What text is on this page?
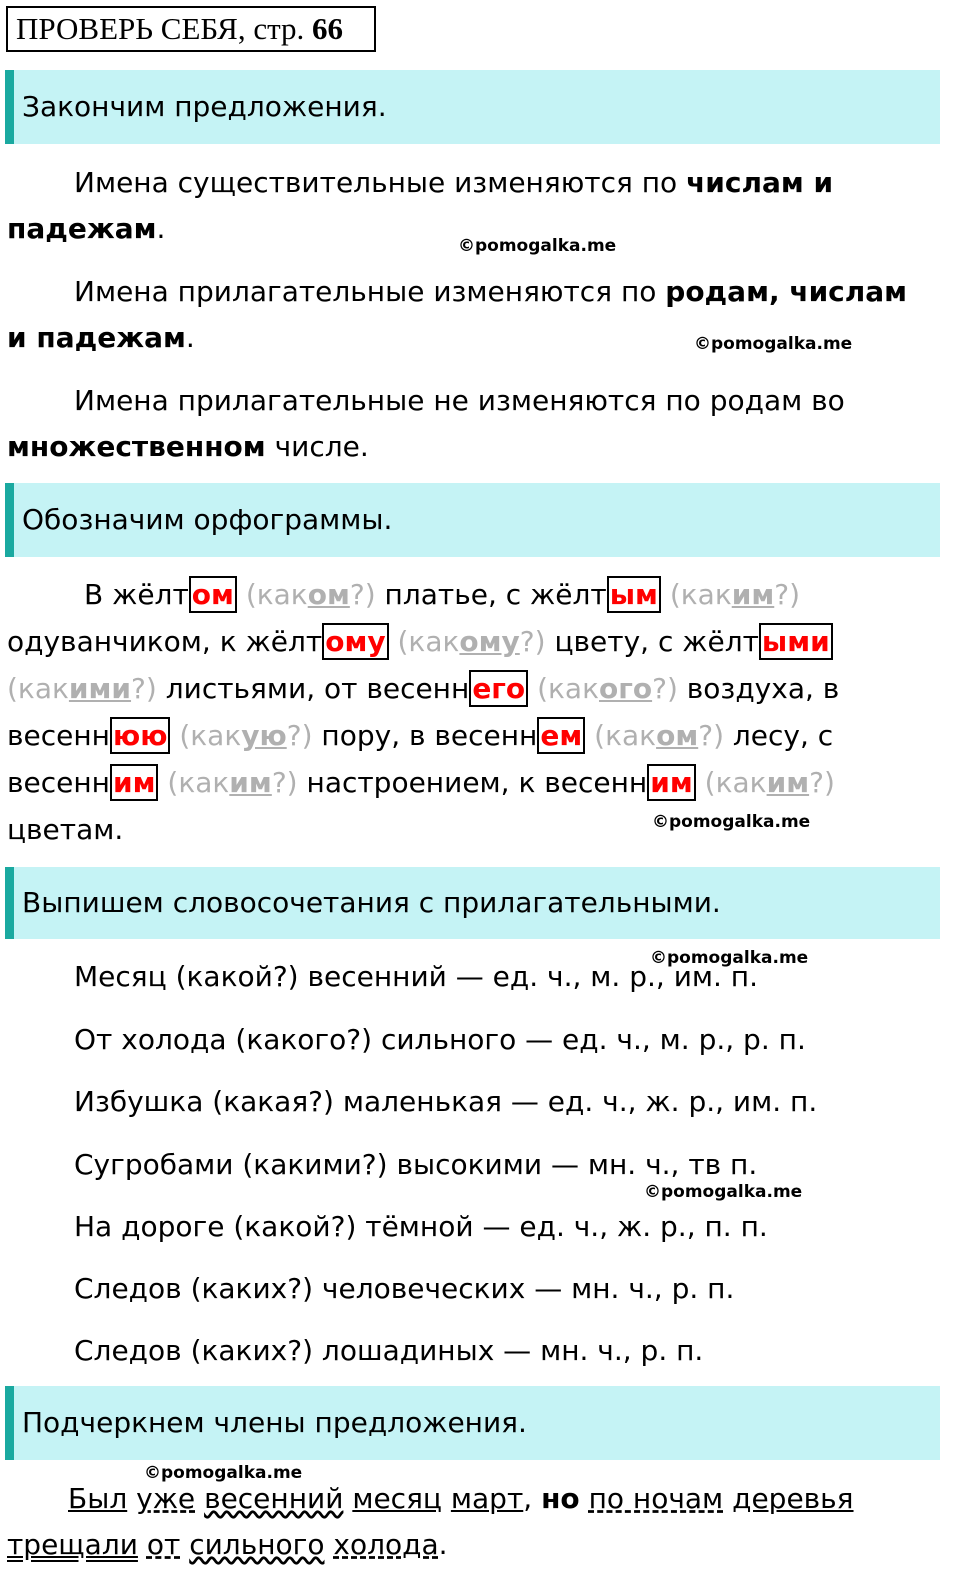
ПРОВЕРЬ СЕБЯ, стр. 66
Закончим предложения.
Имена существительные изменяются по числам и
падежам.
©pomogalka.me
Имена прилагательные изменяются по родам, числам
и падежам.	©pomogalka.me
Имена прилагательные не изменяются по родам во
множественном числе.
Обозначим орфограммы.
В жёлт ом (каком?) платье, с жёлт ым (каким?)
одуванчиком, к жёлт ому (какому?) цвету, с жёлт ыми
(какими?) листьями, от весенн его (какого?) воздуха, в
весенн юю (какую?) пору, в весенн ем (каком?) лесу, с
весенн им (каким?) настроением, к весенн им (каким?)
цветам.	©pomogalka.me
Выпишем словосочетания с прилагательными.
©pomogalka.me
Месяц (какой?) весенний — ед. ч., м. р., им. п.
От холода (какого?) сильного — ед. ч., м. р., р. п.
Избушка (какая?) маленькая — ед. ч., ж. р., им. п.
Сугробами (какими?) высокими — мн. ч., тв п.
©pomogalka.me
На дороге (какой?) тёмной — ед. ч., ж. р., п. п.
Следов (каких?) человеческих — мн. ч., р. п.
Следов (каких?) лошадиных — мн. ч., р. п.
Подчеркнем члены предложения.
©pomogalka.me
Был уже весенний месяц март, но по ночам деревья
трещали от сильного холода.
